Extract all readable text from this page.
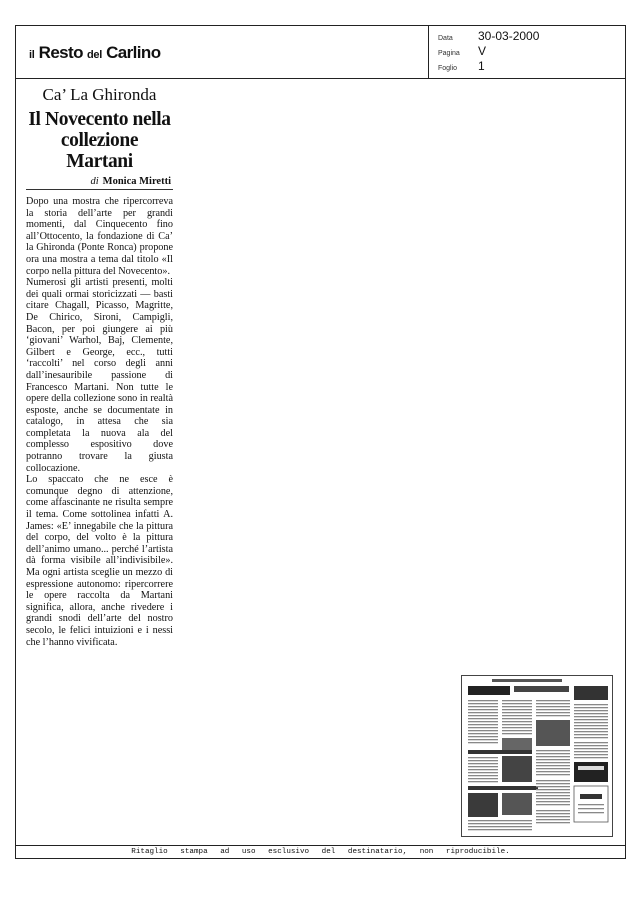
il Resto del Carlino
Data	30-03-2000
Pagina	V
Foglio	1
Ca’ La Ghironda
Il Novecento nella collezione Martani
di Monica Miretti

Dopo una mostra che ripercorreva la storia dell’arte per grandi momenti, dal Cinquecento fino all’Ottocento, la fondazione di Ca’ la Ghironda (Ponte Ronca) propone ora una mostra a tema dal titolo «Il corpo nella pittura del Novecento».

Numerosi gli artisti presenti, molti dei quali ormai storicizzati — basti citare Chagall, Picasso, Magritte, De Chirico, Sironi, Campigli, Bacon, per poi giungere ai più ‘giovani’ Warhol, Baj, Clemente, Gilbert e George, ecc., tutti ‘raccolti’ nel corso degli anni dall’inesauribile passione di Francesco Martani. Non tutte le opere della collezione sono in realtà esposte, anche se documentate in catalogo, in attesa che sia completata la nuova ala del complesso espositivo dove potranno trovare la giusta collocazione.

Lo spaccato che ne esce è comunque degno di attenzione, come affascinante ne risulta sempre il tema. Come sottolinea infatti A. James: «E’ innegabile che la pittura del corpo, del volto è la pittura dell’animo umano... perché l’artista dà forma visibile all’indivisibile». Ma ogni artista sceglie un mezzo di espressione autonomo: ripercorrere le opere raccolta da Martani significa, allora, anche rivedere i grandi snodi dell’arte del nostro secolo, le felici intuizioni e i nessi che l’hanno vivificata.

Ritaglio stampa ad uso esclusivo del destinatario, non riproducibile.
